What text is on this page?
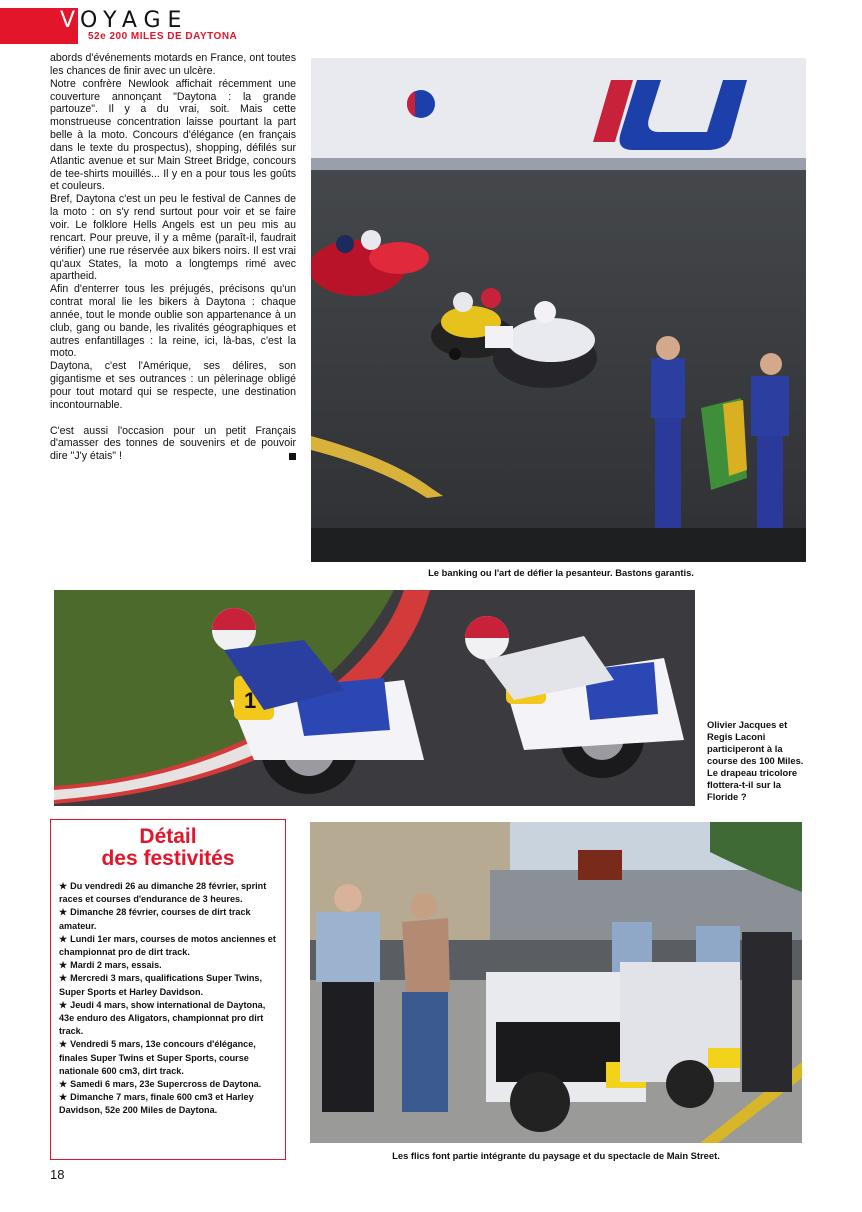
V OYAGE
52e 200 MILES DE DAYTONA

abords d'événements motards en France, ont toutes les chances de finir avec un ulcère.

Notre confrère Newlook affichait récemment une couverture annonçant "Daytona : la grande partouze". Il y a du vrai, soit. Mais cette monstrueuse concentration laisse pourtant la part belle à la moto. Concours d'élégance (en français dans le texte du prospectus), shopping, défilés sur Atlantic avenue et sur Main Street Bridge, concours de tee-shirts mouillés... Il y en a pour tous les goûts et couleurs.

Bref, Daytona c'est un peu le festival de Cannes de la moto : on s'y rend surtout pour voir et se faire voir. Le folklore Hells Angels est un peu mis au rencart. Pour preuve, il y a même (paraît-il, faudrait vérifier) une rue réservée aux bikers noirs. Il est vrai qu'aux States, la moto a longtemps rimé avec apartheid.

Afin d'enterrer tous les préjugés, précisons qu'un contrat moral lie les bikers à Daytona : chaque année, tout le monde oublie son appartenance à un club, gang ou bande, les rivalités géographiques et autres enfantillages : la reine, ici, là-bas, c'est la moto.

Daytona, c'est l'Amérique, ses délires, son gigantisme et ses outrances : un pèlerinage obligé pour tout motard qui se respecte, une destination incontournable.

C'est aussi l'occasion pour un petit Français d'amasser des tonnes de souvenirs et de pouvoir dire "J'y étais" !

Le banking ou l'art de défier la pesanteur. Bastons garantis.
1
Olivier Jacques et Regis Laconi participeront à la course des 100 Miles. Le drapeau tricolore flottera-t-il sur la Floride ?
Détail
des festivités
★ Du vendredi 26 au dimanche 28 février, sprint races et courses d'endurance de 3 heures.
★ Dimanche 28 février, courses de dirt track amateur.
★ Lundi 1er mars, courses de motos anciennes et championnat pro de dirt track.
★ Mardi 2 mars, essais.
★ Mercredi 3 mars, qualifications Super Twins, Super Sports et Harley Davidson.
★ Jeudi 4 mars, show international de Daytona, 43e enduro des Aligators, championnat pro dirt track.
★ Vendredi 5 mars, 13e concours d'élégance, finales Super Twins et Super Sports, course nationale 600 cm3, dirt track.
★ Samedi 6 mars, 23e Supercross de Daytona.
★ Dimanche 7 mars, finale 600 cm3 et Harley Davidson, 52e 200 Miles de Daytona.
Les flics font partie intégrante du paysage et du spectacle de Main Street.
18
